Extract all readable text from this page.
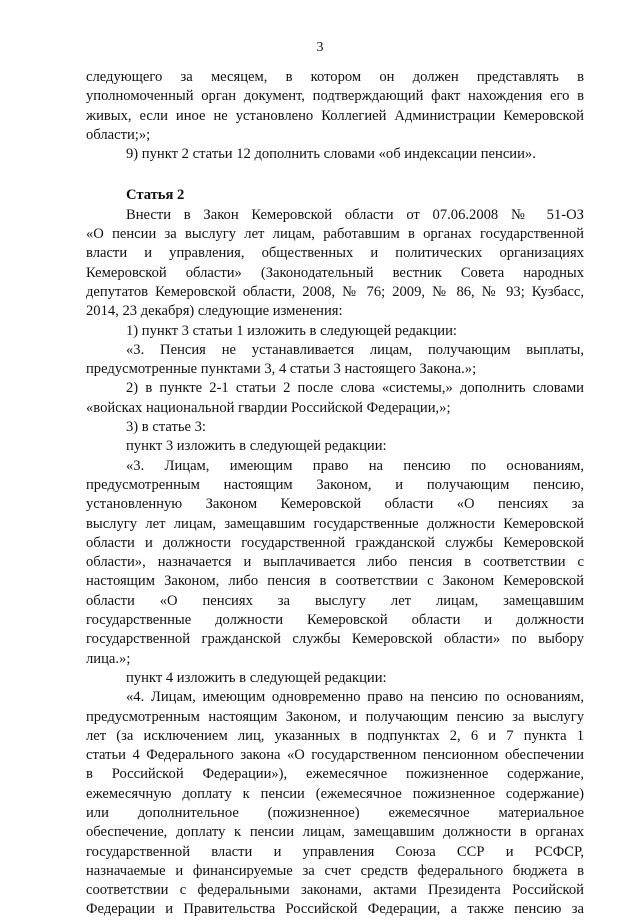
3
следующего за месяцем, в котором он должен представлять в
уполномоченный орган документ, подтверждающий факт нахождения его в
живых, если иное не установлено Коллегией Администрации Кемеровской
области;»;
9) пункт 2 статьи 12 дополнить словами «об индексации пенсии».

Статья 2

Внести в Закон Кемеровской области от 07.06.2008 № 51-ОЗ
«О пенсии за выслугу лет лицам, работавшим в органах государственной
власти и управления, общественных и политических организациях
Кемеровской области» (Законодательный вестник Совета народных
депутатов Кемеровской области, 2008, № 76; 2009, № 86, № 93; Кузбасс,
2014, 23 декабря) следующие изменения:
1) пункт 3 статьи 1 изложить в следующей редакции:
«3. Пенсия не устанавливается лицам, получающим выплаты,
предусмотренные пунктами 3, 4 статьи 3 настоящего Закона.»;
2) в пункте 2-1 статьи 2 после слова «системы,» дополнить словами
«войсках национальной гвардии Российской Федерации,»;
3) в статье 3:
пункт 3 изложить в следующей редакции:
«3. Лицам, имеющим право на пенсию по основаниям,
предусмотренным настоящим Законом, и получающим пенсию,
установленную Законом Кемеровской области «О пенсиях за
выслугу лет лицам, замещавшим государственные должности Кемеровской
области и должности государственной гражданской службы Кемеровской
области», назначается и выплачивается либо пенсия в соответствии с
настоящим Законом, либо пенсия в соответствии с Законом Кемеровской
области «О пенсиях за выслугу лет лицам, замещавшим
государственные должности Кемеровской области и должности
государственной гражданской службы Кемеровской области» по выбору
лица.»;
пункт 4 изложить в следующей редакции:
«4. Лицам, имеющим одновременно право на пенсию по основаниям,
предусмотренным настоящим Законом, и получающим пенсию за выслугу
лет (за исключением лиц, указанных в подпунктах 2, 6 и 7 пункта 1
статьи 4 Федерального закона «О государственном пенсионном обеспечении
в Российской Федерации»), ежемесячное пожизненное содержание,
ежемесячную доплату к пенсии (ежемесячное пожизненное содержание)
или дополнительное (пожизненное) ежемесячное материальное
обеспечение, доплату к пенсии лицам, замещавшим должности в органах
государственной власти и управления Союза ССР и РСФСР,
назначаемые и финансируемые за счет средств федерального бюджета в
соответствии с федеральными законами, актами Президента Российской
Федерации и Правительства Российской Федерации, а также пенсию за
